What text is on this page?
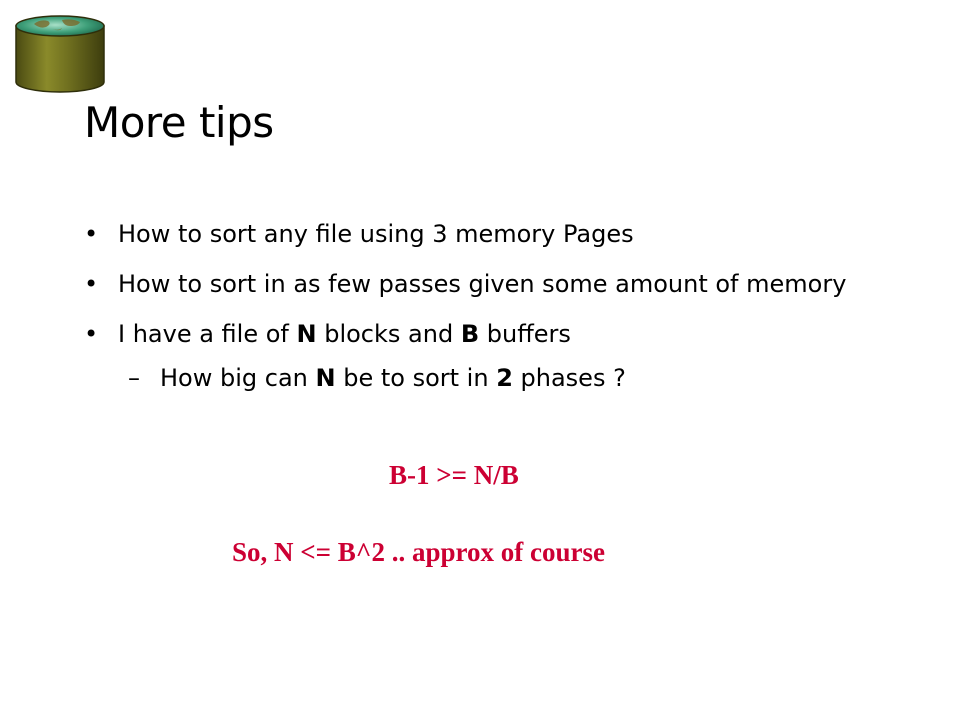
More tips
• How to sort any file using 3 memory Pages
• How to sort in as few passes given some amount of memory
• I have a file of N blocks and B buffers
– How big can N be to sort in 2 phases ?
B-1 >= N/B
So, N <= B^2 .. approx of course
